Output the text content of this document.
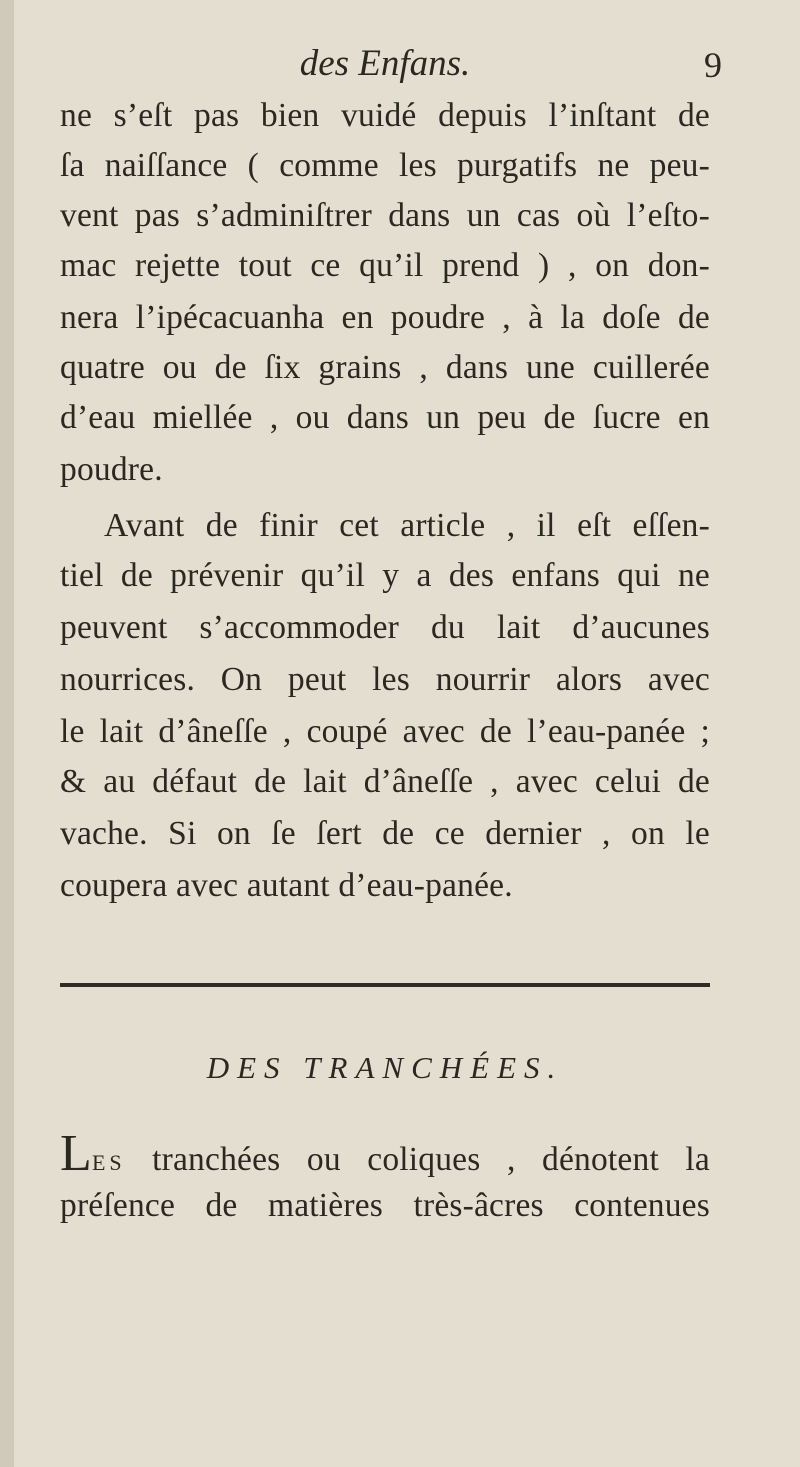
des Enfans.	9
ne s’eſt pas bien vuidé depuis l’inſtant de
ſa naiſſance ( comme les purgatifs ne peu-
vent pas s’adminiſtrer dans un cas où l’eſto-
mac rejette tout ce qu’il prend ) , on don-
nera l’ipécacuanha en poudre , à la doſe de
quatre ou de ſix grains , dans une cuillerée
d’eau miellée , ou dans un peu de ſucre en
poudre.
Avant de finir cet article , il eſt eſſen-
tiel de prévenir qu’il y a des enfans qui ne
peuvent s’accommoder du lait d’aucunes
nourrices. On peut les nourrir alors avec
le lait d’âneſſe , coupé avec de l’eau-panée ;
& au défaut de lait d’âneſſe , avec celui de
vache. Si on ſe ſert de ce dernier , on le
coupera avec autant d’eau-panée.
DES TRANCHÉES.
LES tranchées ou coliques , dénotent la
préſence de matières très-âcres contenues
